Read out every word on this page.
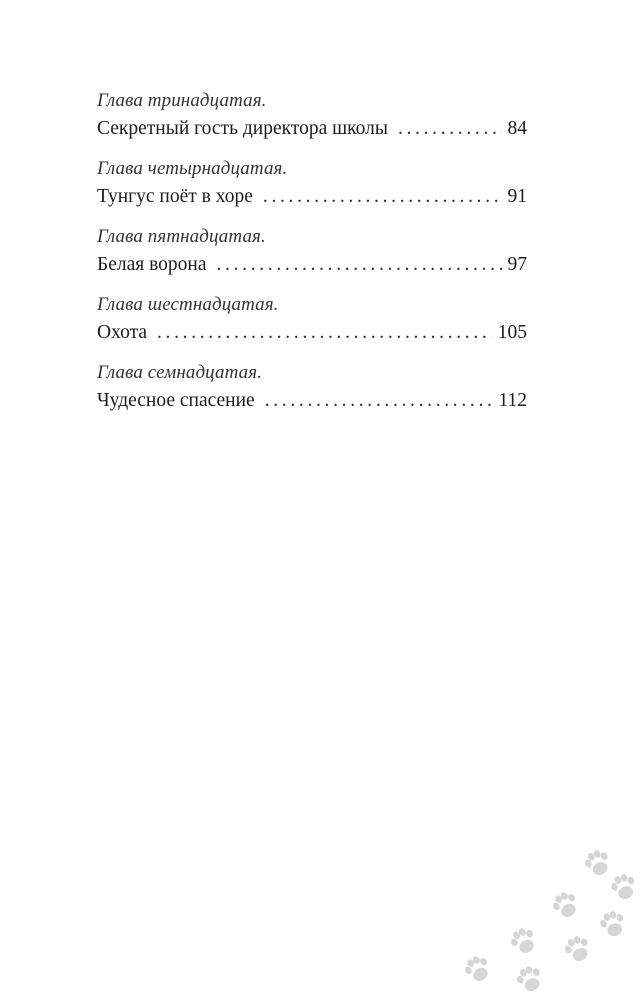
Глава тринадцатая.
Секретный гость директора школы . . .	84
Глава четырнадцатая.
Тунгус поёт в хоре . . .	91
Глава пятнадцатая.
Белая ворона . . .	97
Глава шестнадцатая.
Охота . . .	105
Глава семнадцатая.
Чудесное спасение . . .	112
